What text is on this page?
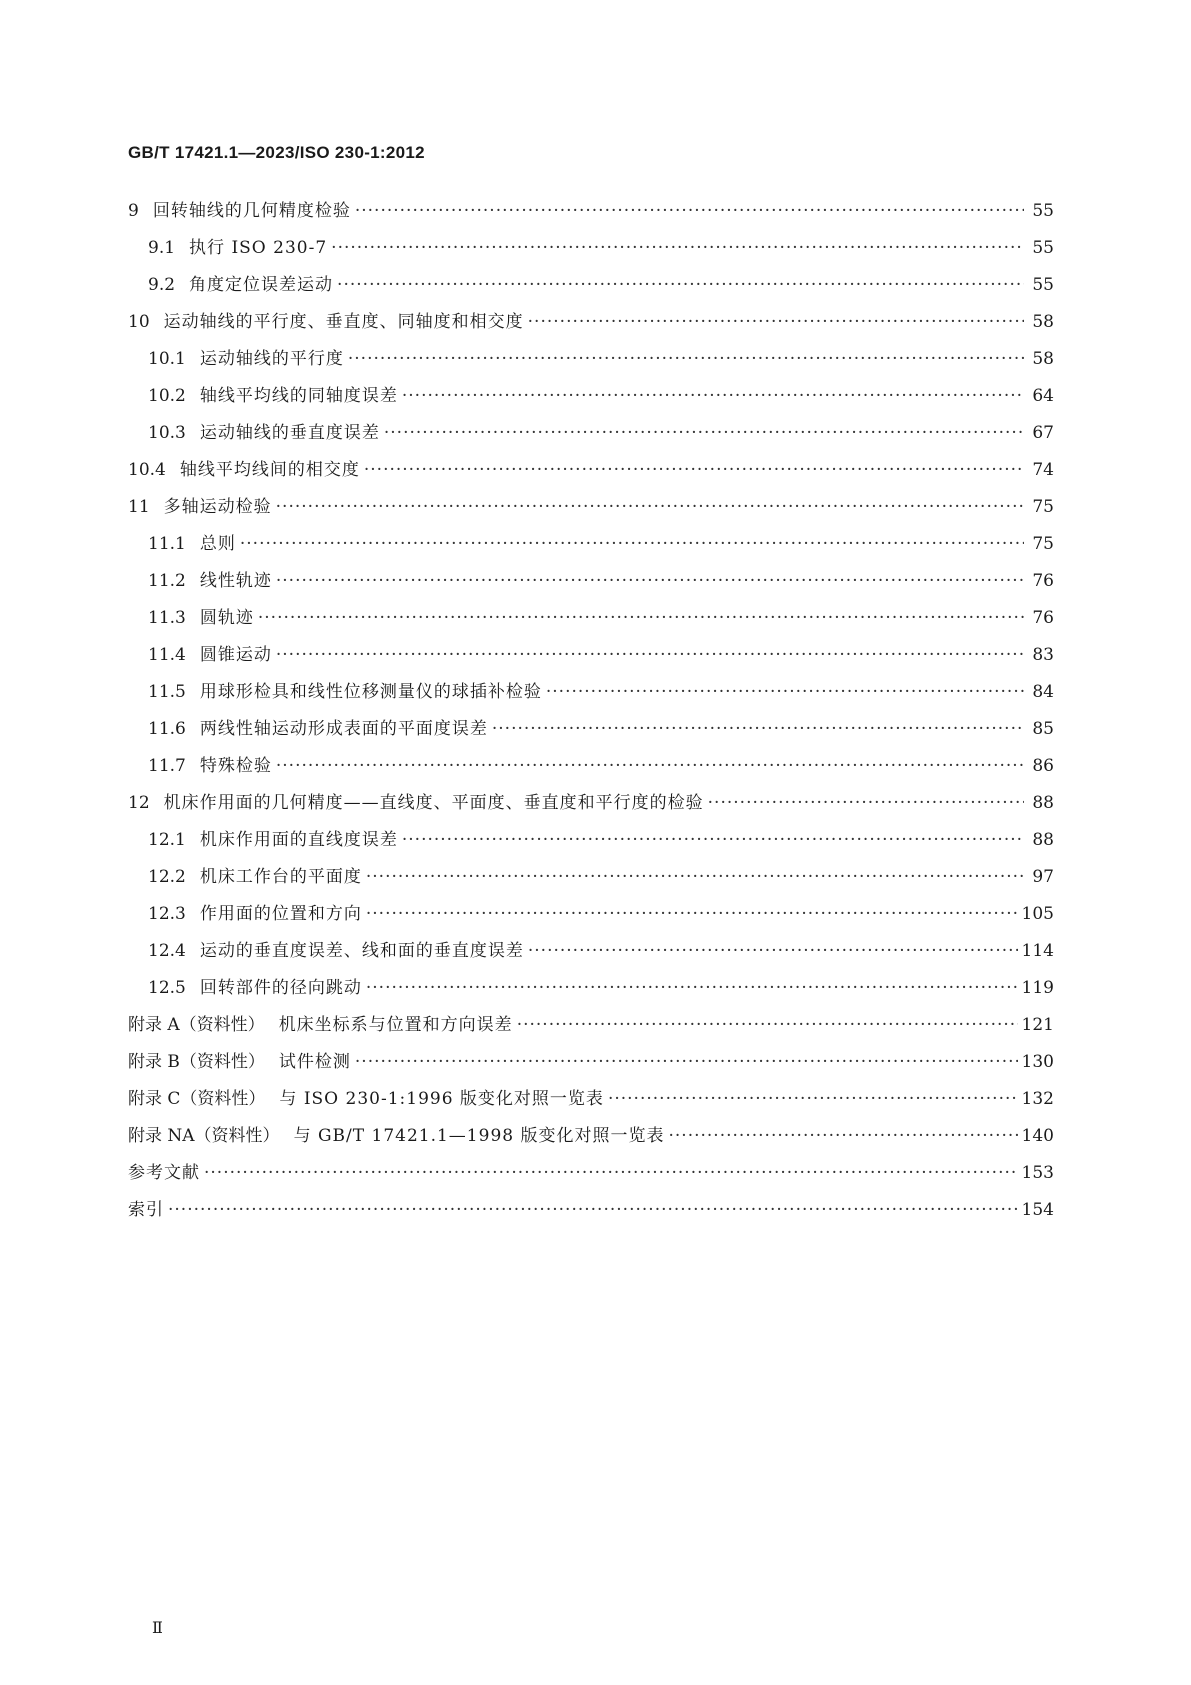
GB/T 17421.1—2023/ISO 230-1:2012
9 回转轴线的几何精度检验 ·····	55
9.1 执行 ISO 230-7 ·····	55
9.2 角度定位误差运动 ·····	55
10 运动轴线的平行度、垂直度、同轴度和相交度 ·····	58
10.1 运动轴线的平行度 ·····	58
10.2 轴线平均线的同轴度误差 ·····	64
10.3 运动轴线的垂直度误差 ·····	67
10.4 轴线平均线间的相交度 ·····	74
11 多轴运动检验 ·····	75
11.1 总则 ·····	75
11.2 线性轨迹 ·····	76
11.3 圆轨迹 ·····	76
11.4 圆锥运动 ·····	83
11.5 用球形检具和线性位移测量仪的球插补检验 ·····	84
11.6 两线性轴运动形成表面的平面度误差 ·····	85
11.7 特殊检验 ·····	86
12 机床作用面的几何精度——直线度、平面度、垂直度和平行度的检验 ·····	88
12.1 机床作用面的直线度误差 ·····	88
12.2 机床工作台的平面度 ·····	97
12.3 作用面的位置和方向 ·····	105
12.4 运动的垂直度误差、线和面的垂直度误差 ·····	114
12.5 回转部件的径向跳动 ·····	119
附录 A（资料性） 机床坐标系与位置和方向误差 ·····	121
附录 B（资料性） 试件检测 ·····	130
附录 C（资料性） 与 ISO 230-1:1996 版变化对照一览表 ·····	132
附录 NA（资料性） 与 GB/T 17421.1—1998 版变化对照一览表 ·····	140
参考文献 ·····	153
索引 ·····	154
Ⅱ
